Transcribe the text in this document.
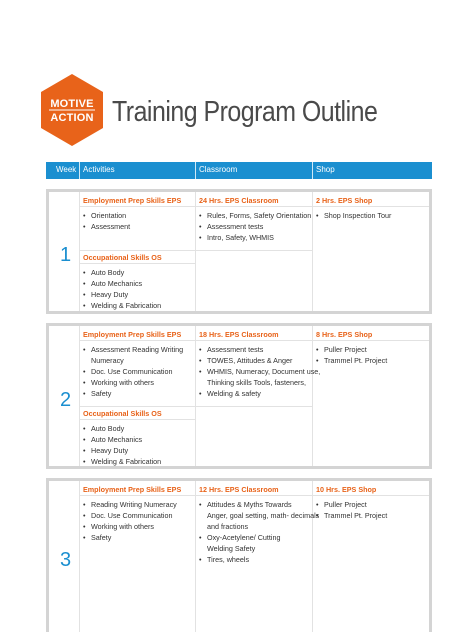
MOTIVE
ACTION Training Program Outline
Week Activities	Classroom	Shop
1
Employment Prep Skills EPS
• Orientation
• Assessment
Occupational Skills OS
• Auto Body
• Auto Mechanics
• Heavy Duty
• Welding & Fabrication
24 Hrs. EPS Classroom
• Rules, Forms, Safety Orientation
• Assessment tests
• Intro, Safety, WHMIS
2 Hrs. EPS Shop
• Shop Inspection Tour
2
Employment Prep Skills EPS
• Assessment Reading Writing
Numeracy
• Doc. Use Communication
• Working with others
• Safety
Occupational Skills OS
• Auto Body
• Auto Mechanics
• Heavy Duty
• Welding & Fabrication
18 Hrs. EPS Classroom
• Assessment tests
• TOWES, Attitudes & Anger
• WHMIS, Numeracy, Document use,
Thinking skills Tools, fasteners,
• Welding & safety
8 Hrs. EPS Shop
• Puller Project
• Trammel Pt. Project
3
Employment Prep Skills EPS
• Reading Writing Numeracy
• Doc. Use Communication
• Working with others
• Safety
12 Hrs. EPS Classroom
• Attitudes & Myths Towards
Anger, goal setting, math- decimals
and fractions
• Oxy-Acetylene/ Cutting
Welding Safety
• Tires, wheels
10 Hrs. EPS Shop
• Puller Project
• Trammel Pt. Project
